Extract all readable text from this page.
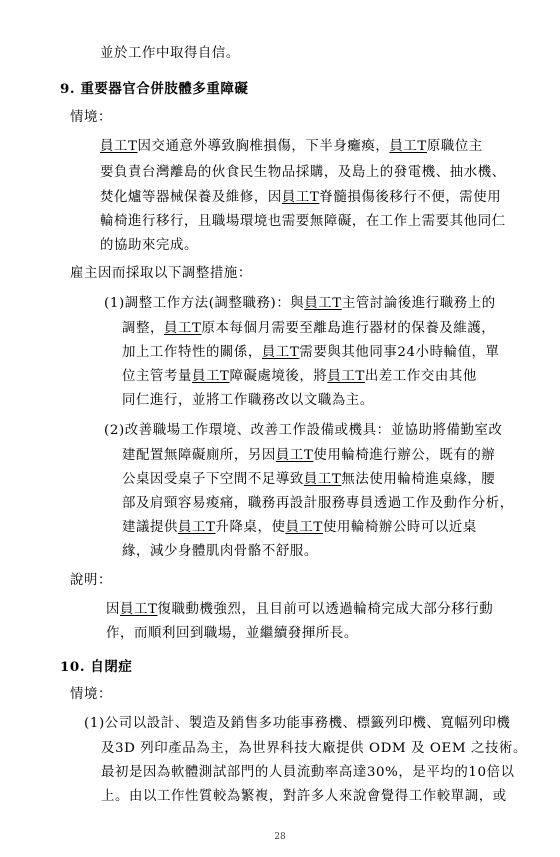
並於工作中取得自信。
9. 重要器官合併肢體多重障礙
情境：
員工T因交通意外導致胸椎損傷，下半身癱瘓，員工T原職位主
要負責台灣離島的伙食民生物品採購，及島上的發電機、抽水機、
焚化爐等器械保養及維修，因員工T脊髓損傷後移行不便，需使用
輪椅進行移行，且職場環境也需要無障礙，在工作上需要其他同仁
的協助來完成。
雇主因而採取以下調整措施：
(1)調整工作方法(調整職務)：與員工T主管討論後進行職務上的
調整，員工T原本每個月需要至離島進行器材的保養及維護，
加上工作特性的關係，員工T需要與其他同事24小時輪值，單
位主管考量員工T障礙處境後，將員工T出差工作交由其他
同仁進行，並將工作職務改以文職為主。
(2)改善職場工作環境、改善工作設備或機具：並協助將備勤室改
建配置無障礙廁所，另因員工T使用輪椅進行辦公，既有的辦
公桌因受桌子下空間不足導致員工T無法使用輪椅進桌緣，腰
部及肩頸容易痠痛，職務再設計服務專員透過工作及動作分析，
建議提供員工T升降桌，使員工T使用輪椅辦公時可以近桌
緣，減少身體肌肉骨骼不舒服。
說明：
因員工T復職動機強烈，且目前可以透過輪椅完成大部分移行動
作，而順利回到職場，並繼續發揮所長。
10. 自閉症
情境：
(1)公司以設計、製造及銷售多功能事務機、標籤列印機、寬幅列印機
及3D 列印產品為主，為世界科技大廠提供 ODM 及 OEM 之技術。
最初是因為軟體測試部門的人員流動率高達30%，是平均的10倍以
上。由以工作性質較為繁複，對許多人來說會覺得工作較單調，或
28
